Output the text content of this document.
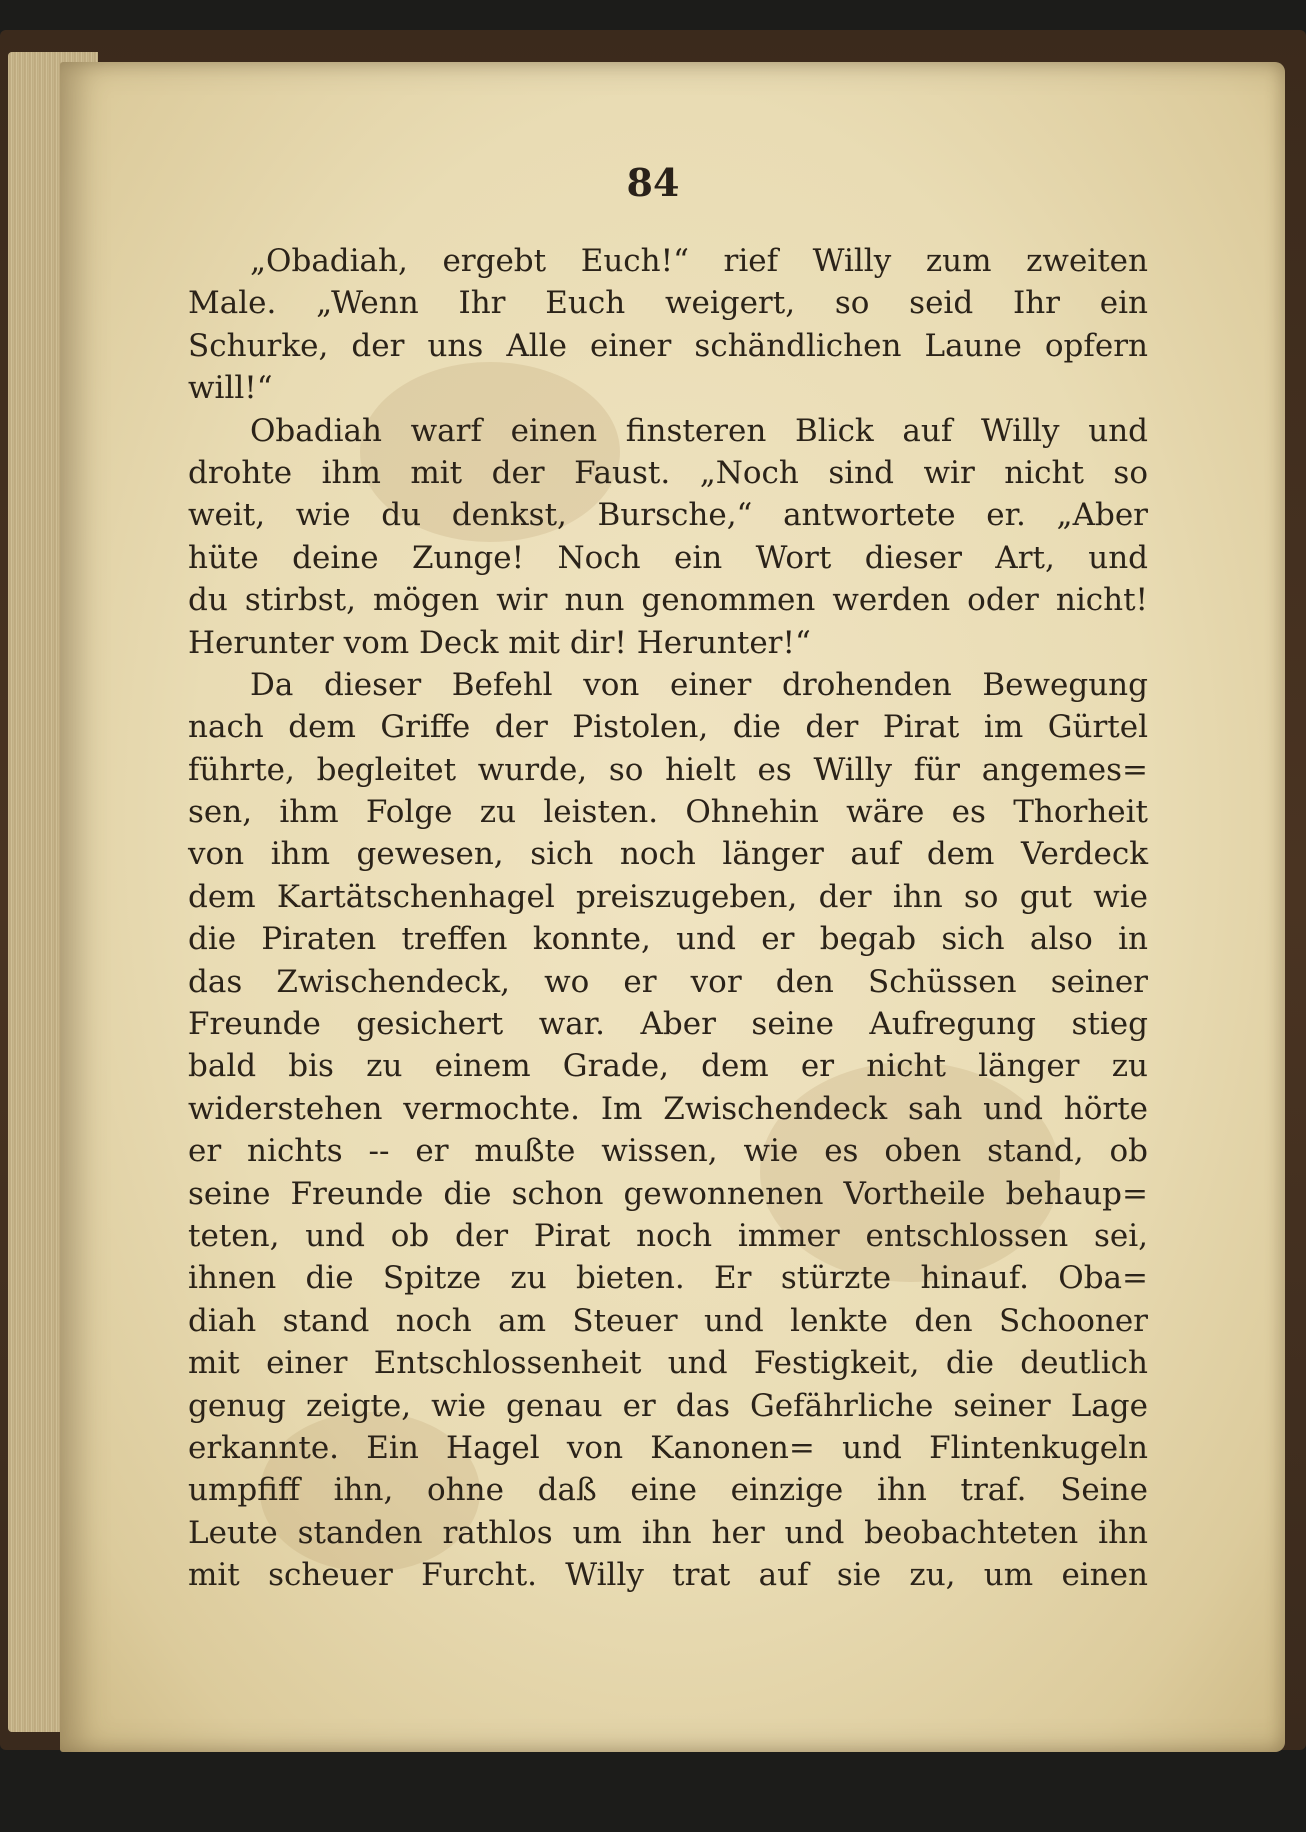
84
„Obadiah, ergebt Euch!“ rief Willy zum zweiten
Male. „Wenn Ihr Euch weigert, so seid Ihr ein
Schurke, der uns Alle einer schändlichen Laune opfern
will!“
Obadiah warf einen finsteren Blick auf Willy und
drohte ihm mit der Faust. „Noch sind wir nicht so
weit, wie du denkst, Bursche,“ antwortete er. „Aber
hüte deine Zunge! Noch ein Wort dieser Art, und
du stirbst, mögen wir nun genommen werden oder nicht!
Herunter vom Deck mit dir! Herunter!“
Da dieser Befehl von einer drohenden Bewegung
nach dem Griffe der Pistolen, die der Pirat im Gürtel
führte, begleitet wurde, so hielt es Willy für angemes=
sen, ihm Folge zu leisten. Ohnehin wäre es Thorheit
von ihm gewesen, sich noch länger auf dem Verdeck
dem Kartätschenhagel preiszugeben, der ihn so gut wie
die Piraten treffen konnte, und er begab sich also in
das Zwischendeck, wo er vor den Schüssen seiner
Freunde gesichert war. Aber seine Aufregung stieg
bald bis zu einem Grade, dem er nicht länger zu
widerstehen vermochte. Im Zwischendeck sah und hörte
er nichts -- er mußte wissen, wie es oben stand, ob
seine Freunde die schon gewonnenen Vortheile behaup=
teten, und ob der Pirat noch immer entschlossen sei,
ihnen die Spitze zu bieten. Er stürzte hinauf. Oba=
diah stand noch am Steuer und lenkte den Schooner
mit einer Entschlossenheit und Festigkeit, die deutlich
genug zeigte, wie genau er das Gefährliche seiner Lage
erkannte. Ein Hagel von Kanonen= und Flintenkugeln
umpfiff ihn, ohne daß eine einzige ihn traf. Seine
Leute standen rathlos um ihn her und beobachteten ihn
mit scheuer Furcht. Willy trat auf sie zu, um einen
